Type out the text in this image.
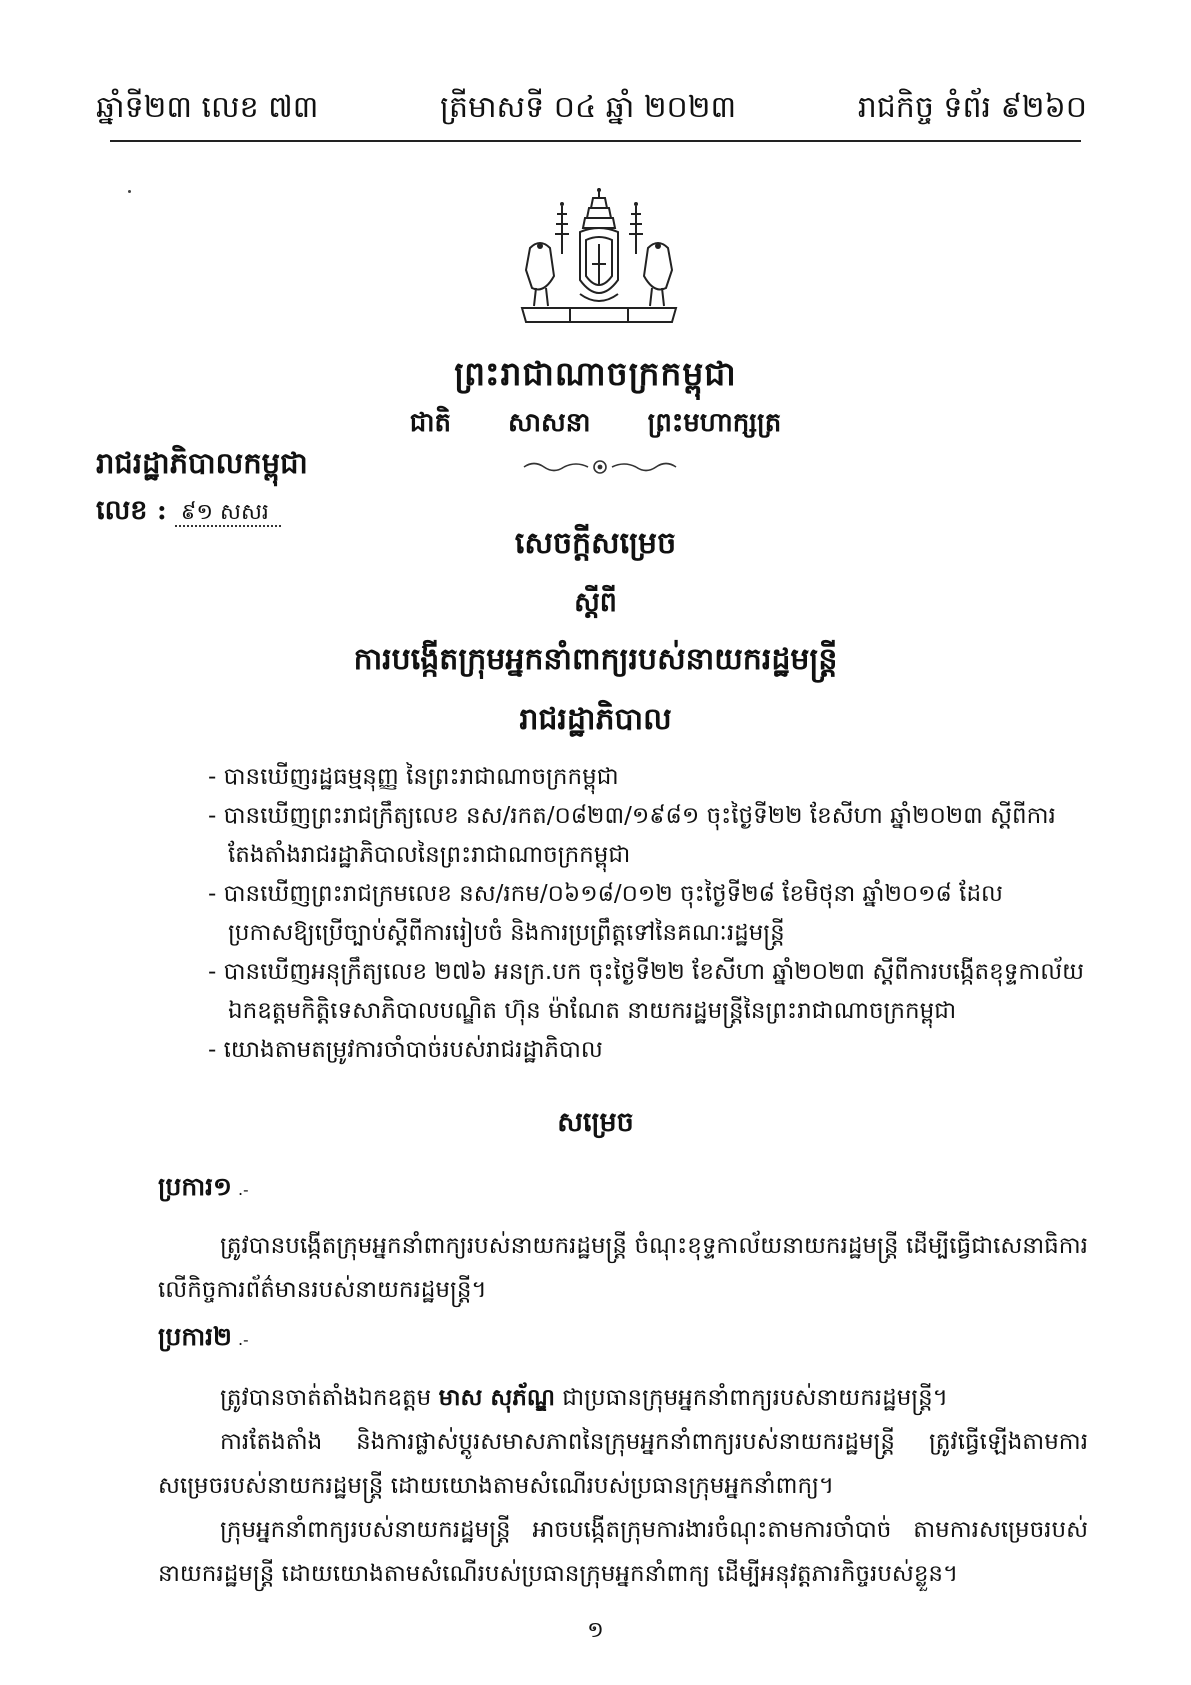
ឆ្នាំទី២៣ លេខ ៧៣	ត្រីមាសទី ០៤ ឆ្នាំ ២០២៣	រាជកិច្ច ទំព័រ ៩២៦០
ព្រះរាជាណាចក្រកម្ពុជា
ជាតិ សាសនា ព្រះមហាក្សត្រ
រាជរដ្ឋាភិបាលកម្ពុជា
លេខ : ៩១ សសរ
សេចក្តីសម្រេច
ស្តីពី
ការបង្កើតក្រុមអ្នកនាំពាក្យរបស់នាយករដ្ឋមន្ត្រី
រាជរដ្ឋាភិបាល
- បានឃើញរដ្ឋធម្មនុញ្ញ នៃព្រះរាជាណាចក្រកម្ពុជា
- បានឃើញព្រះរាជក្រឹត្យលេខ នស/រកត/០៨២៣/១៩៨១ ចុះថ្ងៃទី២២ ខែសីហា ឆ្នាំ២០២៣ ស្តីពីការតែងតាំងរាជរដ្ឋាភិបាលនៃព្រះរាជាណាចក្រកម្ពុជា
- បានឃើញព្រះរាជក្រមលេខ នស/រកម/០៦១៨/០១២ ចុះថ្ងៃទី២៨ ខែមិថុនា ឆ្នាំ២០១៨ ដែលប្រកាសឱ្យប្រើច្បាប់ស្តីពីការរៀបចំ និងការប្រព្រឹត្តទៅនៃគណៈរដ្ឋមន្ត្រី
- បានឃើញអនុក្រឹត្យលេខ ២៧៦ អនក្រ.បក ចុះថ្ងៃទី២២ ខែសីហា ឆ្នាំ២០២៣ ស្តីពីការបង្កើតខុទ្ទកាល័យឯកឧត្តមកិត្តិទេសាភិបាលបណ្ឌិត ហ៊ុន ម៉ាណែត នាយករដ្ឋមន្ត្រីនៃព្រះរាជាណាចក្រកម្ពុជា
- យោងតាមតម្រូវការចាំបាច់របស់រាជរដ្ឋាភិបាល
សម្រេច
ប្រការ១ .-
ត្រូវបានបង្កើតក្រុមអ្នកនាំពាក្យរបស់នាយករដ្ឋមន្ត្រី ចំណុះខុទ្ទកាល័យនាយករដ្ឋមន្ត្រី ដើម្បីធ្វើជាសេនាធិការលើកិច្ចការព័ត៌មានរបស់នាយករដ្ឋមន្ត្រី។
ប្រការ២ .-
ត្រូវបានចាត់តាំងឯកឧត្តម មាស សុភ័ណ្ឌ ជាប្រធានក្រុមអ្នកនាំពាក្យរបស់នាយករដ្ឋមន្ត្រី។
ការតែងតាំង និងការផ្លាស់ប្តូរសមាសភាពនៃក្រុមអ្នកនាំពាក្យរបស់នាយករដ្ឋមន្ត្រី ត្រូវធ្វើឡើងតាមការសម្រេចរបស់នាយករដ្ឋមន្ត្រី ដោយយោងតាមសំណើរបស់ប្រធានក្រុមអ្នកនាំពាក្យ។
ក្រុមអ្នកនាំពាក្យរបស់នាយករដ្ឋមន្ត្រី អាចបង្កើតក្រុមការងារចំណុះតាមការចាំបាច់ តាមការសម្រេចរបស់នាយករដ្ឋមន្ត្រី ដោយយោងតាមសំណើរបស់ប្រធានក្រុមអ្នកនាំពាក្យ ដើម្បីអនុវត្តភារកិច្ចរបស់ខ្លួន។
១
